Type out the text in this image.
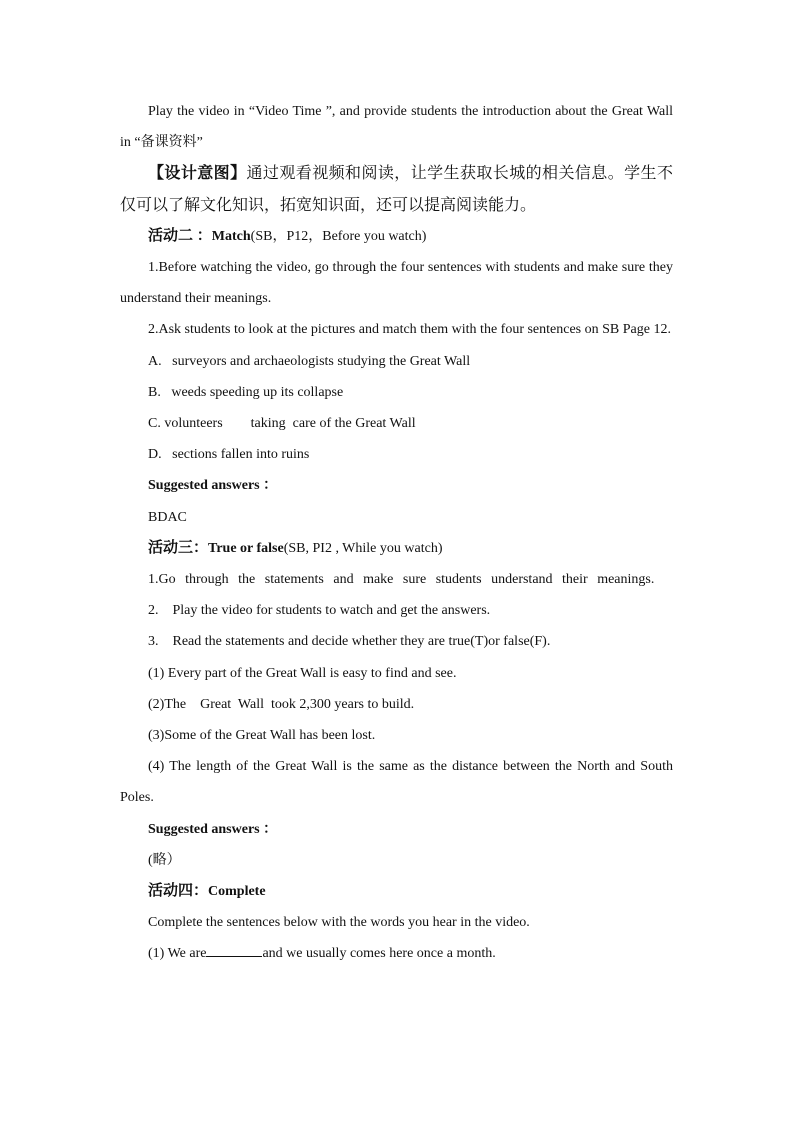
Play the video in “Video Time ”, and provide students the introduction about the Great Wall in “备课资料”

【设计意图】通过观看视频和阅读，让学生获取长城的相关信息。学生不仅可以了解文化知识，拓宽知识面，还可以提高阅读能力。

活动二 ：Match(SB，P12，Before you watch)

1.Before watching the video, go through the four sentences with students and make sure they understand their meanings.

2.Ask students to look at the pictures and match them with the four sentences on SB Page 12.

A. surveyors and archaeologists studying the Great Wall

B. weeds speeding up its collapse

C. volunteers        taking  care of the Great Wall

D. sections fallen into ruins

Suggested answers ：

BDAC

活动三：True or false(SB, PI2 , While you watch)

1.Go through the statements and make sure students understand their meanings.

2. Play the video for students to watch and get the answers.

3. Read the statements and decide whether they are true(T)or false(F).

(1) Every part of the Great Wall is easy to find and see.

(2)The    Great  Wall  took 2,300 years to build.

(3)Some of the Great Wall has been lost.

(4) The length of the Great Wall is the same as the distance between the North and South Poles.

Suggested answers ：

(略）

活动四：Complete

Complete the sentences below with the words you hear in the video.

(1) We are	and we usually comes here once a month.
